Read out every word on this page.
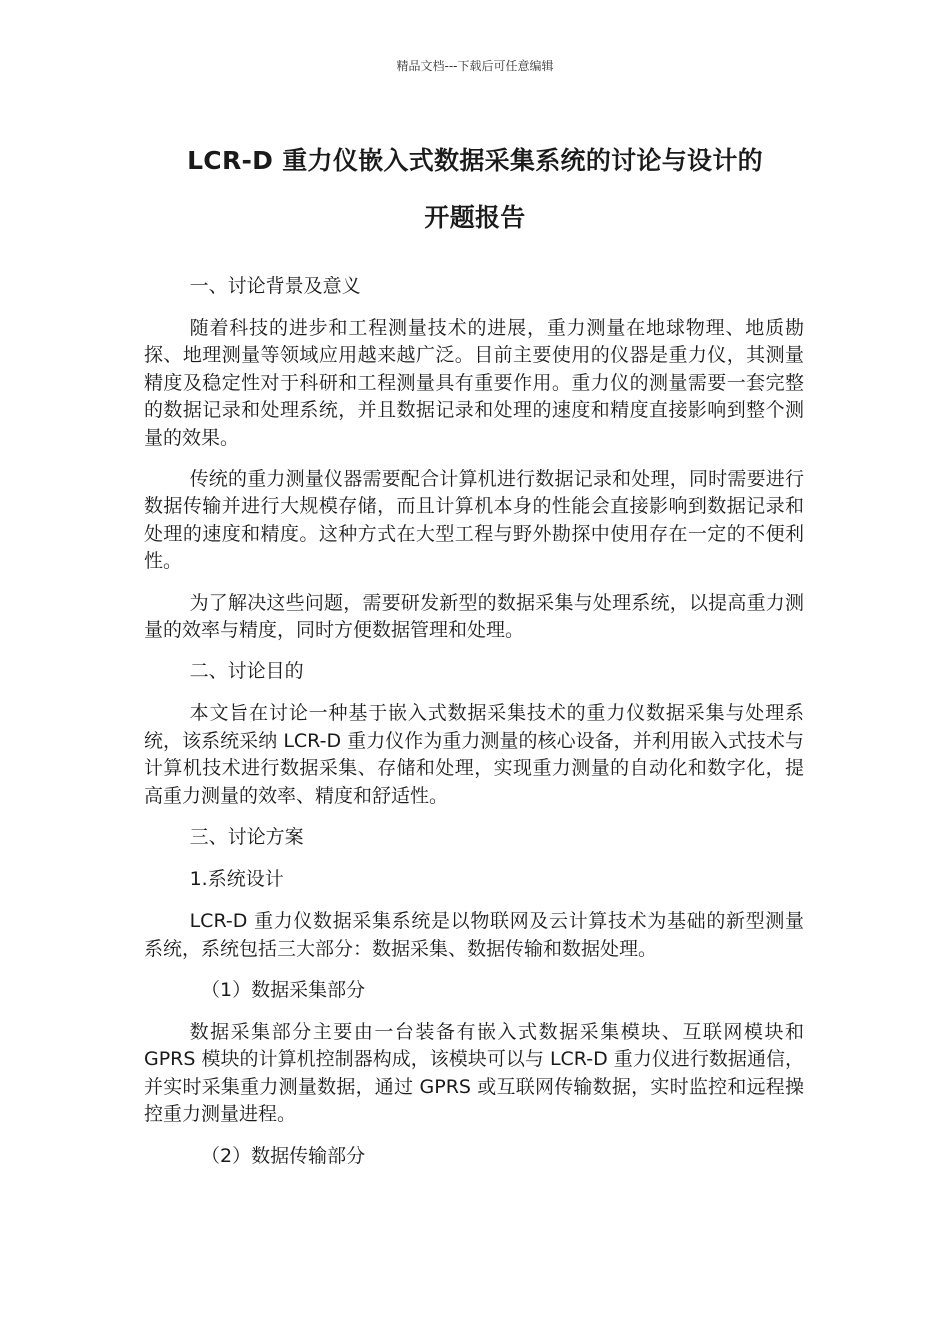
精品文档---下载后可任意编辑
LCR-D 重力仪嵌入式数据采集系统的讨论与设计的
开题报告

一、讨论背景及意义

随着科技的进步和工程测量技术的进展，重力测量在地球物理、地质勘探、地理测量等领域应用越来越广泛。目前主要使用的仪器是重力仪，其测量精度及稳定性对于科研和工程测量具有重要作用。重力仪的测量需要一套完整的数据记录和处理系统，并且数据记录和处理的速度和精度直接影响到整个测量的效果。

传统的重力测量仪器需要配合计算机进行数据记录和处理，同时需要进行数据传输并进行大规模存储，而且计算机本身的性能会直接影响到数据记录和处理的速度和精度。这种方式在大型工程与野外勘探中使用存在一定的不便利性。

为了解决这些问题，需要研发新型的数据采集与处理系统，以提高重力测量的效率与精度，同时方便数据管理和处理。

二、讨论目的

本文旨在讨论一种基于嵌入式数据采集技术的重力仪数据采集与处理系统，该系统采纳 LCR-D 重力仪作为重力测量的核心设备，并利用嵌入式技术与计算机技术进行数据采集、存储和处理，实现重力测量的自动化和数字化，提高重力测量的效率、精度和舒适性。

三、讨论方案

1.系统设计

LCR-D 重力仪数据采集系统是以物联网及云计算技术为基础的新型测量系统，系统包括三大部分：数据采集、数据传输和数据处理。

（1）数据采集部分

数据采集部分主要由一台装备有嵌入式数据采集模块、互联网模块和 GPRS 模块的计算机控制器构成，该模块可以与 LCR-D 重力仪进行数据通信，并实时采集重力测量数据，通过 GPRS 或互联网传输数据，实时监控和远程操控重力测量进程。

（2）数据传输部分
